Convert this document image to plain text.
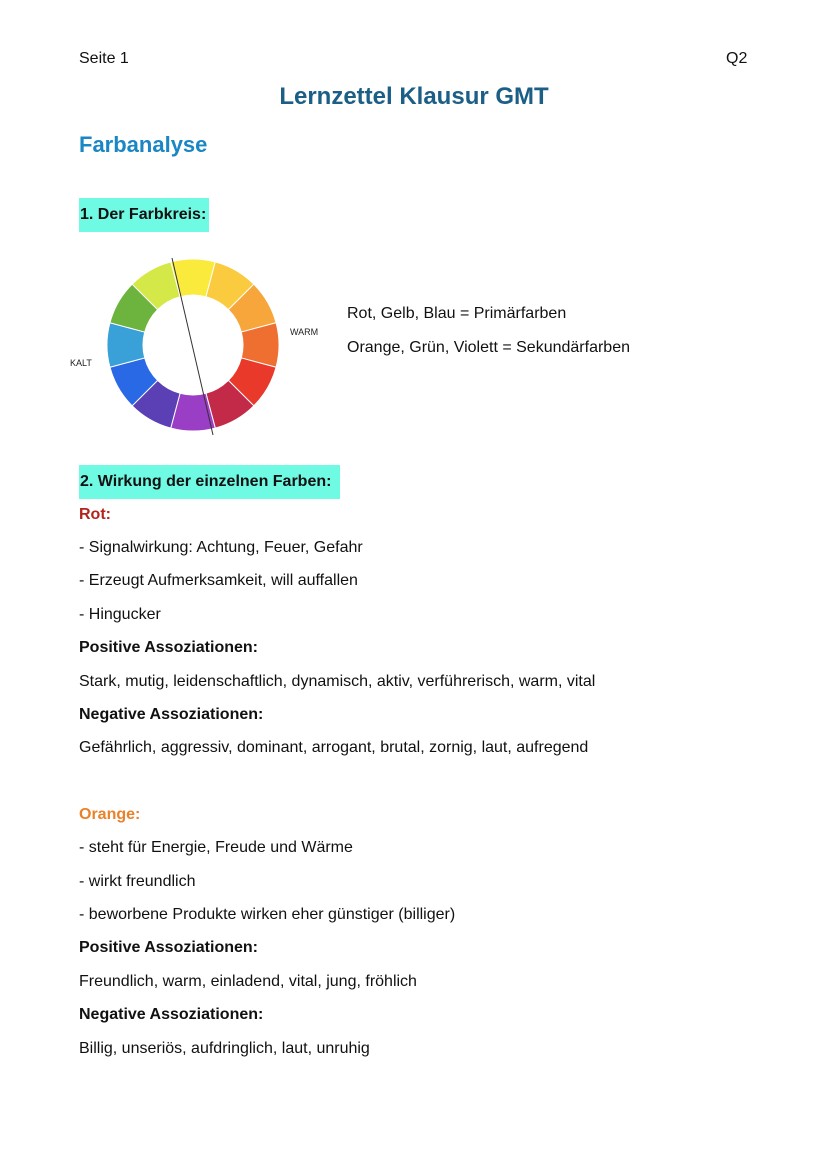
Seite 1	Q2
Lernzettel Klausur GMT
Farbanalyse
1. Der Farbkreis:
KALT
WARM
Rot, Gelb, Blau = Primärfarben
Orange, Grün, Violett = Sekundärfarben
2. Wirkung der einzelnen Farben:
Rot:
- Signalwirkung: Achtung, Feuer, Gefahr
- Erzeugt Aufmerksamkeit, will auffallen
- Hingucker
Positive Assoziationen:
Stark, mutig, leidenschaftlich, dynamisch, aktiv, verführerisch, warm, vital
Negative Assoziationen:
Gefährlich, aggressiv, dominant, arrogant, brutal, zornig, laut, aufregend
Orange:
- steht für Energie, Freude und Wärme
- wirkt freundlich
- beworbene Produkte wirken eher günstiger (billiger)
Positive Assoziationen:
Freundlich, warm, einladend, vital, jung, fröhlich
Negative Assoziationen:
Billig, unseriös, aufdringlich, laut, unruhig
